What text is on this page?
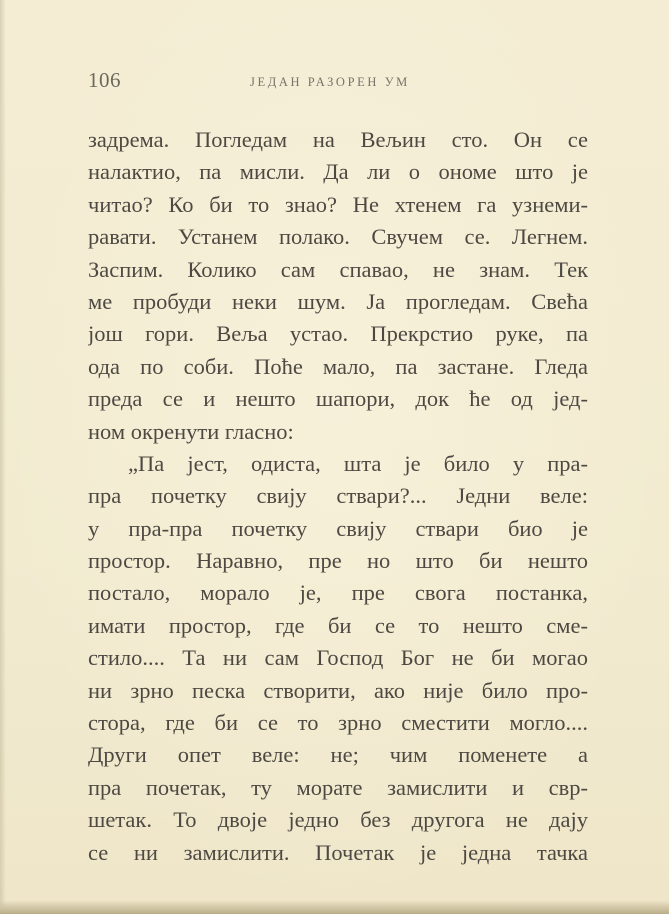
106	ЈЕДАН РАЗОРЕН УМ
задрема. Погледам на Вељин сто. Он се
налактио, па мисли. Да ли о ономе што је
читао? Ко би то знао? Не хтенем га узнеми-
равати. Устанем полако. Свучем се. Легнем.
Заспим. Колико сам спавао, не знам. Тек
ме пробуди неки шум. Ја прогледам. Свећа
још гори. Веља устао. Прекрстио руке, па
ода по соби. Поће мало, па застане. Гледа
преда се и нешто шапори, док ће од јед-
ном окренути гласно:
„Па јест, одиста, шта је било у пра-
пра почетку свију ствари?... Једни веле:
у пра-пра почетку свију ствари био је
простор. Наравно, пре но што би нешто
постало, морало је, пре свога постанка,
имати простор, где би се то нешто сме-
стило.... Та ни сам Господ Бог не би могао
ни зрно песка створити, ако није било про-
стора, где би се то зрно сместити могло....
Други опет веле: не; чим поменете а
пра почетак, ту морате замислити и свр-
шетак. То двоје једно без другога не дају
се ни замислити. Почетак је једна тачка
